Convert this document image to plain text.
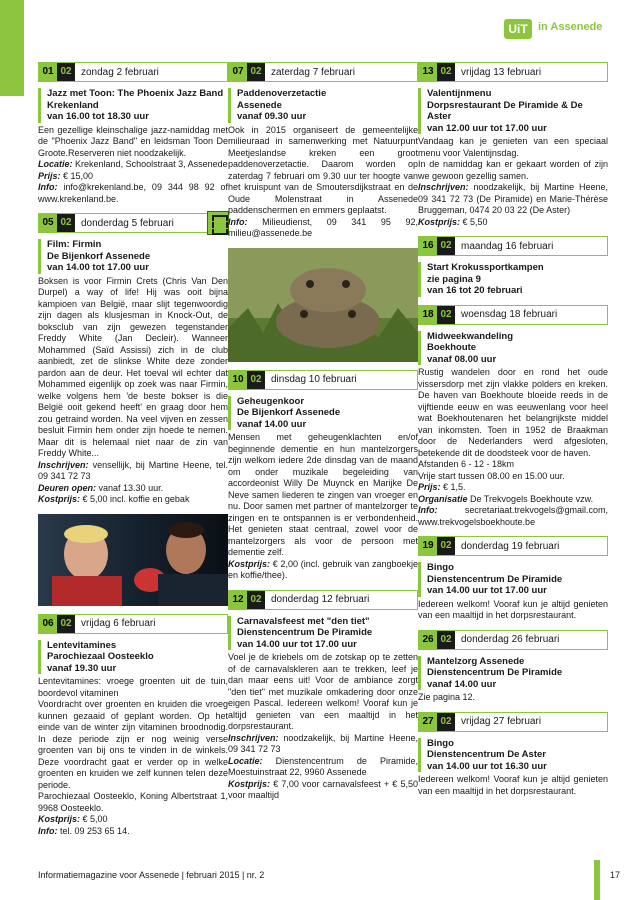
UiT in Assenede
01 02 zondag 2 februari
Jazz met Toon: The Phoenix Jazz Band
Krekenland
van 16.00 tot 18.30 uur

Een gezellige kleinschalige jazz-namiddag met de "Phoenix Jazz Band" en leidsman Toon De Groote.Reserveren niet noodzakelijk.

Locatie: Krekenland, Schoolstraat 3, Assenede

Prijs: € 15,00

Info: info@krekenland.be, 09 344 98 92 of www.krekenland.be.

05 02 donderdag 5 februari
Film: Firmin
De Bijenkorf Assenede
van 14.00 tot 17.00 uur

Boksen is voor Firmin Crets (Chris Van Den Durpel) a way of life! Hij was ooit bijna kampioen van België, maar slijt tegenwoordig zijn dagen als klusjesman in Knock-Out, de boksclub van zijn gewezen tegenstander Freddy White (Jan Decleir). Wanneer Mohammed (Saïd Assissi) zich in de club aanbiedt, zet de slinkse White deze zonder pardon aan de deur. Het toeval wil echter dat Mohammed eigenlijk op zoek was naar Firmin, welke volgens hem 'de beste bokser is die België ooit gekend heeft' en graag door hem zou getraind worden. Na veel vijven en zessen besluit Firmin hem onder zijn hoede te nemen. Maar dit is helemaal niet naar de zin van Freddy White...

Inschrijven: vensellijk, bij Martine Heene, tel. 09 341 72 73

Deuren open: vanaf 13.30 uur.

Kostprijs: € 5,00 incl. koffie en gebak

06 02 vrijdag 6 februari
Lentevitamines
Parochiezaal Oosteeklo
vanaf 19.30 uur

Lentevitamines: vroege groenten uit de tuin, boordevol vitaminen

Voordracht over groenten en kruiden die vroeg kunnen gezaaid of geplant worden. Op het einde van de winter zijn vitaminen broodnodig. In deze periode zijn er nog weinig verse groenten van bij ons te vinden in de winkels. Deze voordracht gaat er verder op in welke groenten en kruiden we zelf kunnen telen deze periode.

Parochiezaal Oosteeklo, Koning Albertstraat 1, 9968 Oosteeklo.

Kostprijs: € 5,00

Info: tel. 09 253 65 14.

07 02 zaterdag 7 februari
Paddenoverzetactie
Assenede
vanaf 09.30 uur

Ook in 2015 organiseert de gemeentelijke milieuraad in samenwerking met Natuurpunt Meetjeslandse kreken een groot paddenoverzetactie. Daarom worden op zaterdag 7 februari om 9.30 uur ter hoogte van het kruispunt van de Smoutersdijkstraat en de Oude Molenstraat in Assenede paddenschermen en emmers geplaatst.

Info: Milieudienst, 09 341 95 92, milieu@assenede.be

10 02 dinsdag 10 februari
Geheugenkoor
De Bijenkorf Assenede
vanaf 14.00 uur

Mensen met geheugenklachten en/of beginnende dementie en hun mantelzorgers zijn welkom iedere 2de dinsdag van de maand om onder muzikale begeleiding van accordeonist Willy De Muynck en Marijke De Neve samen liederen te zingen van vroeger en nu. Door samen met partner of mantelzorger te zingen en te ontspannen is er verbondenheid. Het genieten staat centraal, zowel voor de mantelzorgers als voor de persoon met dementie zelf.

Kostprijs: € 2,00 (incl. gebruik van zangboekje en koffie/thee).

12 02 donderdag 12 februari
Carnavalsfeest met "den tiet"
Dienstencentrum De Piramide
van 14.00 uur tot 17.00 uur

Voel je de kriebels om de zotskap op te zetten of de carnavalskleren aan te trekken, leef je dan maar eens uit! Voor de ambiance zorgt "den tiet" met muzikale omkadering door onze eigen Pascal. Iedereen welkom! Vooraf kun je altijd genieten van een maaltijd in het dorpsrestaurant.

Inschrijven: noodzakelijk, bij Martine Heene, 09 341 72 73

Locatie: Dienstencentrum de Piramide, Moestuinstraat 22, 9960 Assenede

Kostprijs: € 7,00 voor carnavalsfeest + € 5,50 voor maaltijd

13 02 vrijdag 13 februari
Valentijnmenu
Dorpsrestaurant De Piramide & De Aster
van 12.00 uur tot 17.00 uur

Vandaag kan je genieten van een speciaal menu voor Valentijnsdag.

In de namiddag kan er gekaart worden of zijn we gewoon gezellig samen.

Inschrijven: noodzakelijk, bij Martine Heene, 09 341 72 73 (De Piramide) en Marie-Thérèse Bruggeman, 0474 20 03 22 (De Aster)

Kostprijs: € 5,50

16 02 maandag 16 februari
Start Krokussportkampen
zie pagina 9
van 16 tot 20 februari
18 02 woensdag 18 februari
Midweekwandeling
Boekhoute
vanaf 08.00 uur

Rustig wandelen door en rond het oude vissersdorp met zijn vlakke polders en kreken. De haven van Boekhoute bloeide reeds in de vijftiende eeuw en was eeuwenlang voor heel wat Boekhoutenaren het belangrijkste middel van inkomsten. Toen in 1952 de Braakman door de Nederlanders werd afgesloten, betekende dit de doodsteek voor de haven.

Afstanden 6 - 12 - 18km

Vrije start tussen 08.00 en 15.00 uur.

Prijs: € 1,5.

Organisatie De Trekvogels Boekhoute vzw.

Info:	secretariaat.trekvogels@gmail.com, www.trekvogelsboekhoute.be

19 02 donderdag 19 februari
Bingo
Dienstencentrum De Piramide
van 14.00 uur tot 17.00 uur

Iedereen welkom! Vooraf kun je altijd genieten van een maaltijd in het dorpsrestaurant.

26 02 donderdag 26 februari
Mantelzorg Assenede
Dienstencentrum De Piramide
vanaf 14.00 uur

Zie pagina 12.

27 02 vrijdag 27 februari
Bingo
Dienstencentrum De Aster
van 14.00 uur tot 16.30 uur

Iedereen welkom! Vooraf kun je altijd genieten van een maaltijd in het dorpsrestaurant.

Informatiemagazine voor Assenede | februari 2015 | nr. 2	17
